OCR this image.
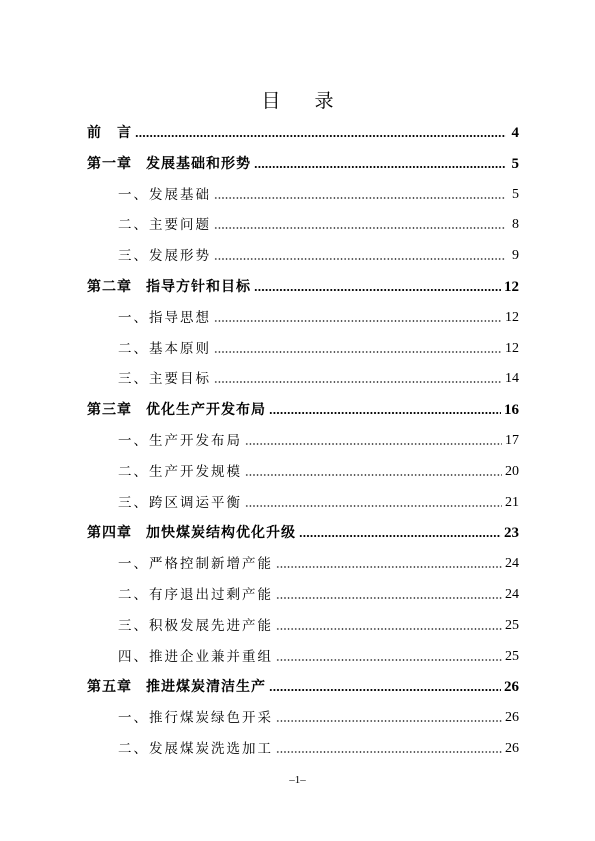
目 录
前　言	4
第一章 发展基础和形势	5
一、发展基础	5
二、主要问题	8
三、发展形势	9
第二章 指导方针和目标	12
一、指导思想	12
二、基本原则	12
三、主要目标	14
第三章 优化生产开发布局	16
一、生产开发布局	17
二、生产开发规模	20
三、跨区调运平衡	21
第四章 加快煤炭结构优化升级	23
一、严格控制新增产能	24
二、有序退出过剩产能	24
三、积极发展先进产能	25
四、推进企业兼并重组	25
第五章 推进煤炭清洁生产	26
一、推行煤炭绿色开采	26
二、发展煤炭洗选加工	26
–1–
